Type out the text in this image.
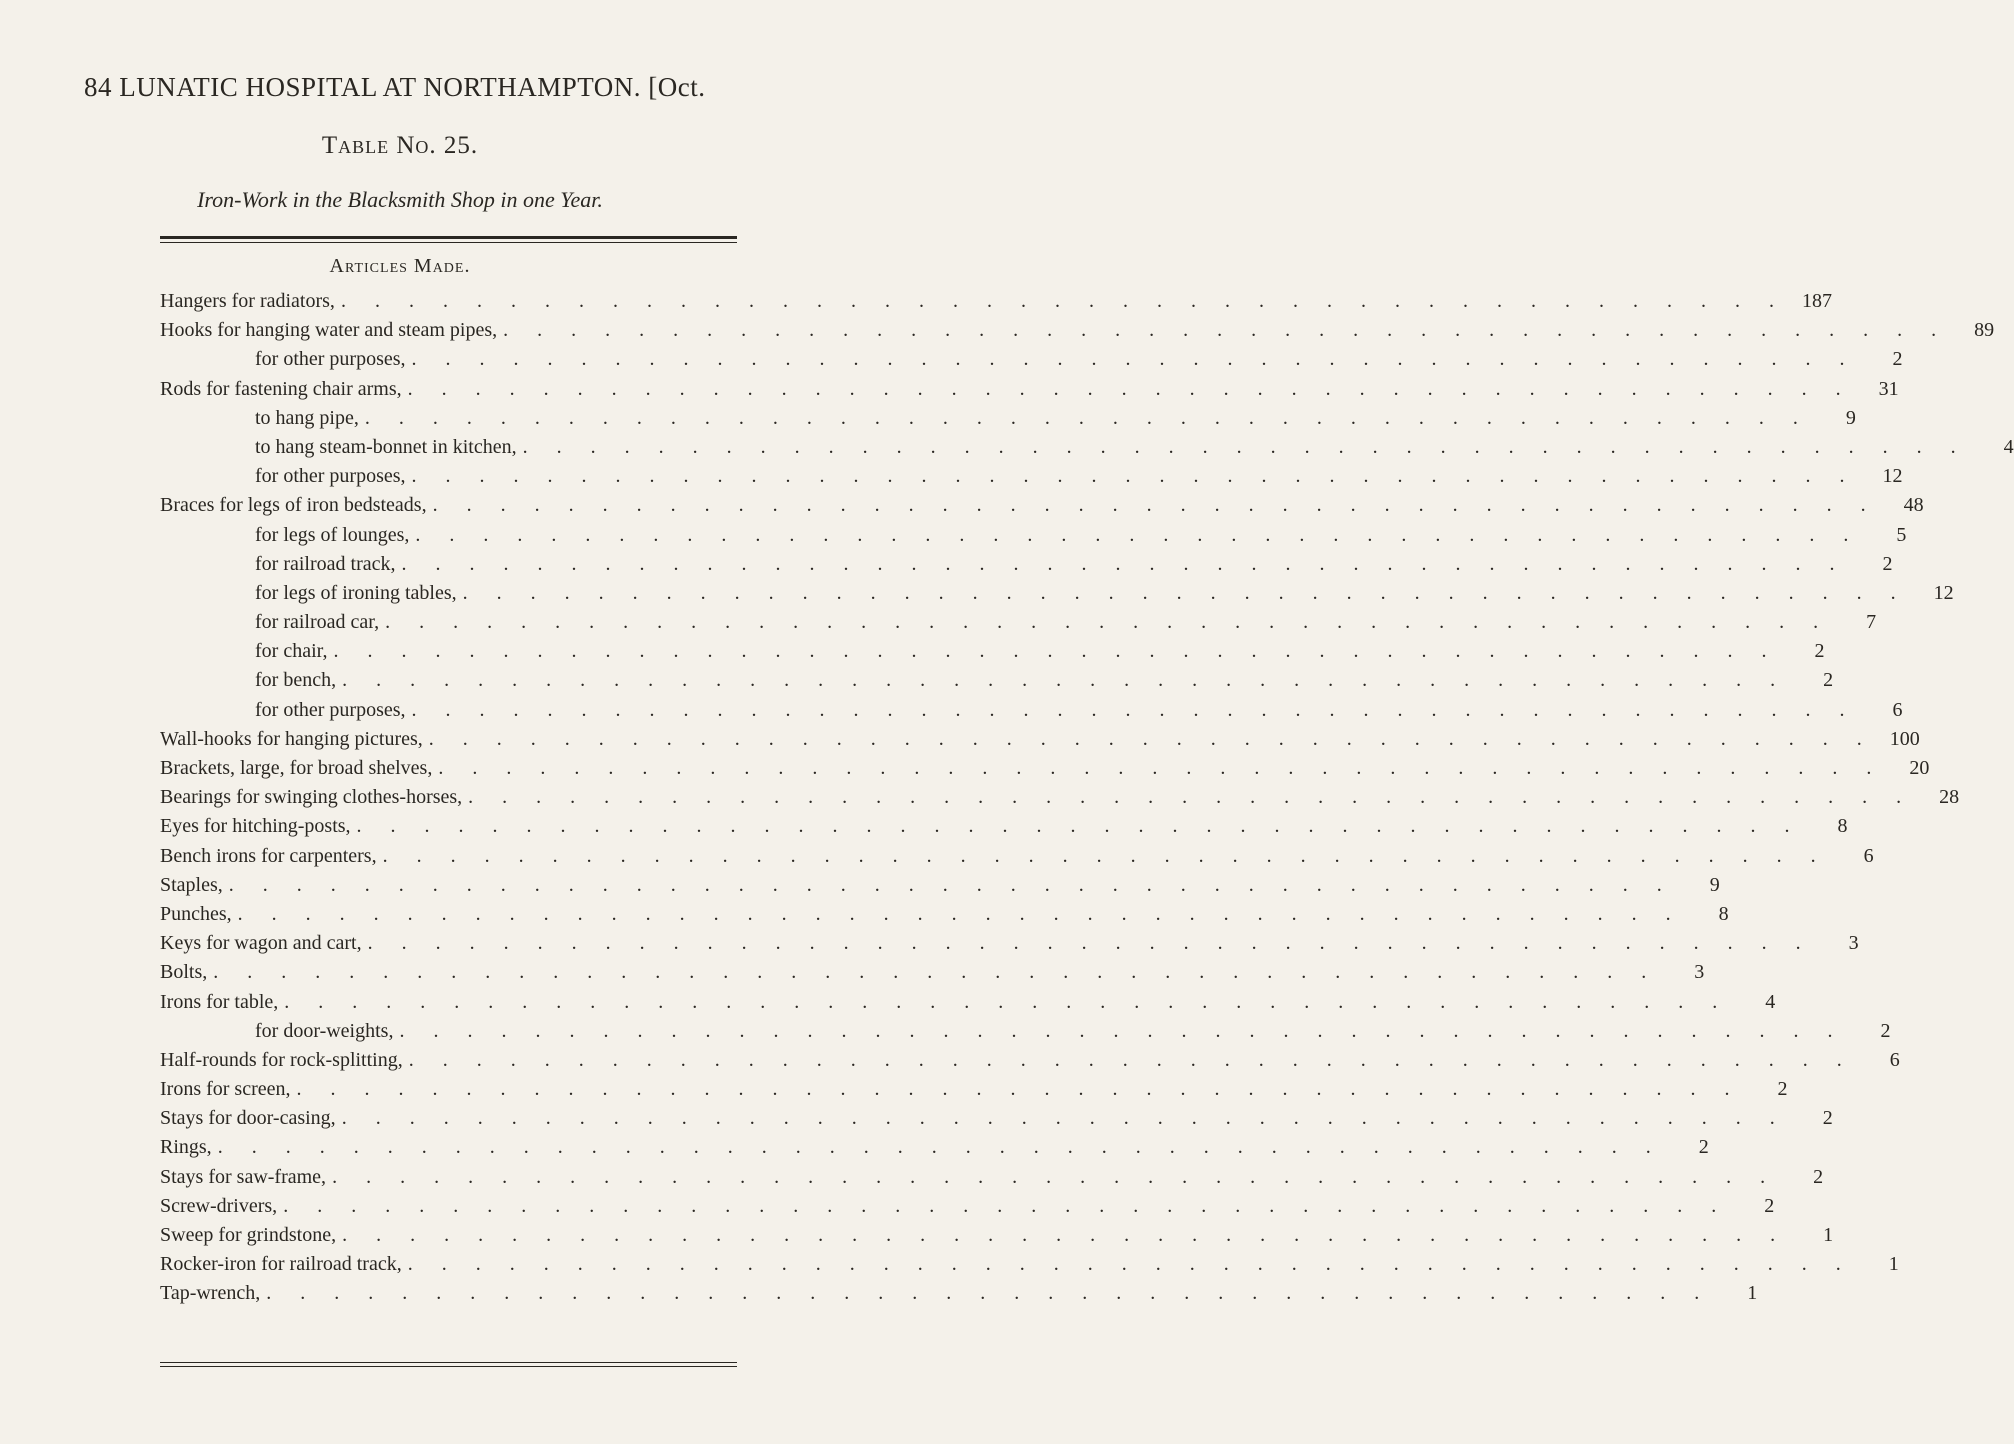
84 LUNATIC HOSPITAL AT NORTHAMPTON. [Oct.
Table No. 25.
Iron-Work in the Blacksmith Shop in one Year.
Articles Made.
Hangers for radiators, . . . . . . . . . . . . . . . . . . . . . . . . . . . . . . . . . . . . . . . . . . . 187
Hooks for hanging water and steam pipes, . . . . . . . . . . . . . . . . . . . . . . . . . . . . . . . . . . . . . . . . . . .	89
for other purposes, . . . . . . . . . . . . . . . . . . . . . . . . . . . . . . . . . . . . . . . . . . .	2
Rods for fastening chair arms, . . . . . . . . . . . . . . . . . . . . . . . . . . . . . . . . . . . . . . . . . . .	31
to hang pipe, . . . . . . . . . . . . . . . . . . . . . . . . . . . . . . . . . . . . . . . . . . .	9
to hang steam-bonnet in kitchen, . . . . . . . . . . . . . . . . . . . . . . . . . . . . . . . . . . . . . . . . . . .	4
for other purposes, . . . . . . . . . . . . . . . . . . . . . . . . . . . . . . . . . . . . . . . . . . .	12
Braces for legs of iron bedsteads, . . . . . . . . . . . . . . . . . . . . . . . . . . . . . . . . . . . . . . . . . . .	48
for legs of lounges, . . . . . . . . . . . . . . . . . . . . . . . . . . . . . . . . . . . . . . . . . . .	5
for railroad track, . . . . . . . . . . . . . . . . . . . . . . . . . . . . . . . . . . . . . . . . . . .	2
for legs of ironing tables, . . . . . . . . . . . . . . . . . . . . . . . . . . . . . . . . . . . . . . . . . . .	12
for railroad car, . . . . . . . . . . . . . . . . . . . . . . . . . . . . . . . . . . . . . . . . . . .	7
for chair, . . . . . . . . . . . . . . . . . . . . . . . . . . . . . . . . . . . . . . . . . . .	2
for bench, . . . . . . . . . . . . . . . . . . . . . . . . . . . . . . . . . . . . . . . . . . .	2
for other purposes, . . . . . . . . . . . . . . . . . . . . . . . . . . . . . . . . . . . . . . . . . . .	6
Wall-hooks for hanging pictures, . . . . . . . . . . . . . . . . . . . . . . . . . . . . . . . . . . . . . . . . . . . 100
Brackets, large, for broad shelves, . . . . . . . . . . . . . . . . . . . . . . . . . . . . . . . . . . . . . . . . . . .	20
Bearings for swinging clothes-horses, . . . . . . . . . . . . . . . . . . . . . . . . . . . . . . . . . . . . . . . . . . .	28
Eyes for hitching-posts, . . . . . . . . . . . . . . . . . . . . . . . . . . . . . . . . . . . . . . . . . . .	8
Bench irons for carpenters, . . . . . . . . . . . . . . . . . . . . . . . . . . . . . . . . . . . . . . . . . . .	6
Staples, . . . . . . . . . . . . . . . . . . . . . . . . . . . . . . . . . . . . . . . . . . .	9
Punches, . . . . . . . . . . . . . . . . . . . . . . . . . . . . . . . . . . . . . . . . . . .	8
Keys for wagon and cart, . . . . . . . . . . . . . . . . . . . . . . . . . . . . . . . . . . . . . . . . . . .	3
Bolts, . . . . . . . . . . . . . . . . . . . . . . . . . . . . . . . . . . . . . . . . . . .	3
Irons for table, . . . . . . . . . . . . . . . . . . . . . . . . . . . . . . . . . . . . . . . . . . .	4
for door-weights, . . . . . . . . . . . . . . . . . . . . . . . . . . . . . . . . . . . . . . . . . . .	2
Half-rounds for rock-splitting, . . . . . . . . . . . . . . . . . . . . . . . . . . . . . . . . . . . . . . . . . . .	6
Irons for screen, . . . . . . . . . . . . . . . . . . . . . . . . . . . . . . . . . . . . . . . . . . .	2
Stays for door-casing, . . . . . . . . . . . . . . . . . . . . . . . . . . . . . . . . . . . . . . . . . . .	2
Rings, . . . . . . . . . . . . . . . . . . . . . . . . . . . . . . . . . . . . . . . . . . .	2
Stays for saw-frame, . . . . . . . . . . . . . . . . . . . . . . . . . . . . . . . . . . . . . . . . . . .	2
Screw-drivers, . . . . . . . . . . . . . . . . . . . . . . . . . . . . . . . . . . . . . . . . . . .	2
Sweep for grindstone, . . . . . . . . . . . . . . . . . . . . . . . . . . . . . . . . . . . . . . . . . . .	1
Rocker-iron for railroad track, . . . . . . . . . . . . . . . . . . . . . . . . . . . . . . . . . . . . . . . . . . .	1
Tap-wrench, . . . . . . . . . . . . . . . . . . . . . . . . . . . . . . . . . . . . . . . . . . .	1
